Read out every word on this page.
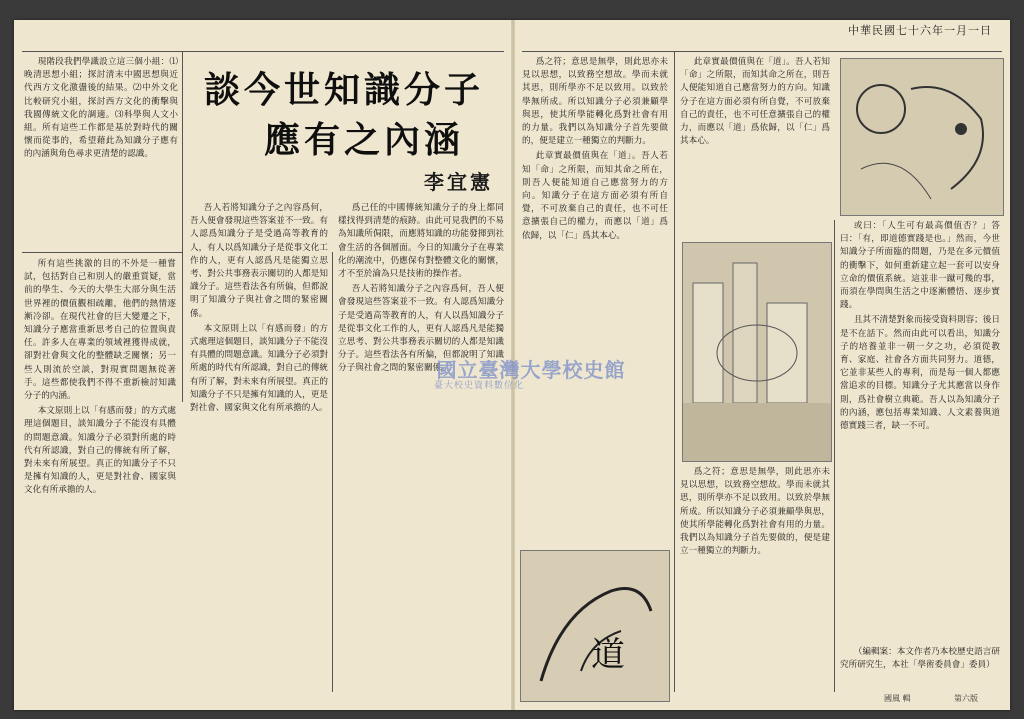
中華民國七十六年一月一日

現階段我們學識設立這三個小組：⑴晚清思想小組；探討清末中國思想與近代西方文化激盪後的結果。⑵中外文化比較研究小組，探討西方文化的衝擊與我國傳統文化的調適。⑶科學與人文小組。所有這些工作都是基於對時代的關懷而從事的，希望藉此為知識分子應有的內涵與角色尋求更清楚的認識。

所有這些挑激的目的不外是一種嘗試，包括對自己和別人的嚴重質疑，當前的學生、今天的大學生大部分與生活世界裡的價值觀相疏離，他們的熱情逐漸冷卻。在現代社會的巨大變遷之下，知識分子應當重新思考自己的位置與責任。許多人在專業的領域裡獲得成就，卻對社會與文化的整體缺乏關懷；另一些人則流於空談，對現實問題無從著手。這些都使我們不得不重新檢討知識分子的內涵。

本文原則上以「有感而發」的方式處理這個題目，談知識分子不能沒有具體的問題意識。知識分子必須對所處的時代有所認識，對自己的傳統有所了解，對未來有所展望。真正的知識分子不只是擁有知識的人，更是對社會、國家與文化有所承擔的人。

談今世知識分子
應有之內涵
李宜憲

吾人若將知識分子之內容爲何，吾人便會發現這些答案並不一致。有人認爲知識分子是受過高等教育的人，有人以爲知識分子是從事文化工作的人，更有人認爲凡是能獨立思考、對公共事務表示關切的人都是知識分子。這些看法各有所偏，但都說明了知識分子與社會之間的緊密關係。

本文原則上以「有感而發」的方式處理這個題目，談知識分子不能沒有具體的問題意識。知識分子必須對所處的時代有所認識，對自己的傳統有所了解，對未來有所展望。真正的知識分子不只是擁有知識的人，更是對社會、國家與文化有所承擔的人。

爲己任的中國傳統知識分子的身上都同樣找得到清楚的痕跡。由此可見我們的不易為知識所侷限，而應將知識的功能發揮到社會生活的各個層面。今日的知識分子在專業化的潮流中，仍應保有對整體文化的關懷，才不至於淪為只是技術的操作者。

吾人若將知識分子之內容爲何，吾人便會發現這些答案並不一致。有人認爲知識分子是受過高等教育的人，有人以爲知識分子是從事文化工作的人，更有人認爲凡是能獨立思考、對公共事務表示關切的人都是知識分子。這些看法各有所偏，但都說明了知識分子與社會之間的緊密關係。

爲之符；意思是無學，則此思亦未見以思想，以致務空想故。學而未就其思，則所學亦不足以致用。以致於學無所成。所以知識分子必須兼顧學與思，使其所學能轉化爲對社會有用的力量。我們以為知識分子首先要做的，便是建立一種獨立的判斷力。

此章實最價值與在「道」。吾人若知「命」之所限，而知其命之所在，則吾人便能知道自己應當努力的方向。知識分子在這方面必須有所自覺，不可放棄自己的責任，也不可任意擴張自己的權力，而應以「道」爲依歸，以「仁」爲其本心。

道

此章實最價值與在「道」。吾人若知「命」之所限，而知其命之所在，則吾人便能知道自己應當努力的方向。知識分子在這方面必須有所自覺，不可放棄自己的責任，也不可任意擴張自己的權力，而應以「道」爲依歸，以「仁」爲其本心。

爲之符；意思是無學，則此思亦未見以思想，以致務空想故。學而未就其思，則所學亦不足以致用。以致於學無所成。所以知識分子必須兼顧學與思，使其所學能轉化爲對社會有用的力量。我們以為知識分子首先要做的，便是建立一種獨立的判斷力。

或曰：「人生可有最高價值否？」答曰：「有，即道德實踐是也。」然而，今世知識分子所面臨的問題，乃是在多元價值的衝擊下，如何重新建立起一套可以安身立命的價值系統。這並非一蹴可幾的事，而須在學問與生活之中逐漸體悟、逐步實踐。

且其不清楚對象而接受資料則容；後日是不在話下。然而由此可以看出，知識分子的培養並非一朝一夕之功，必須從教育、家庭、社會各方面共同努力。道德，它並非某些人的專利，而是每一個人都應當追求的目標。知識分子尤其應當以身作則，爲社會樹立典範。吾人以為知識分子的內涵，應包括專業知識、人文素養與道德實踐三者，缺一不可。

（編輯案：本文作者乃本校歷史語言研究所研究生，本社「學術委員會」委員）

國立臺灣大學校史館
臺大校史資料數位化
國風 輯	第六版
